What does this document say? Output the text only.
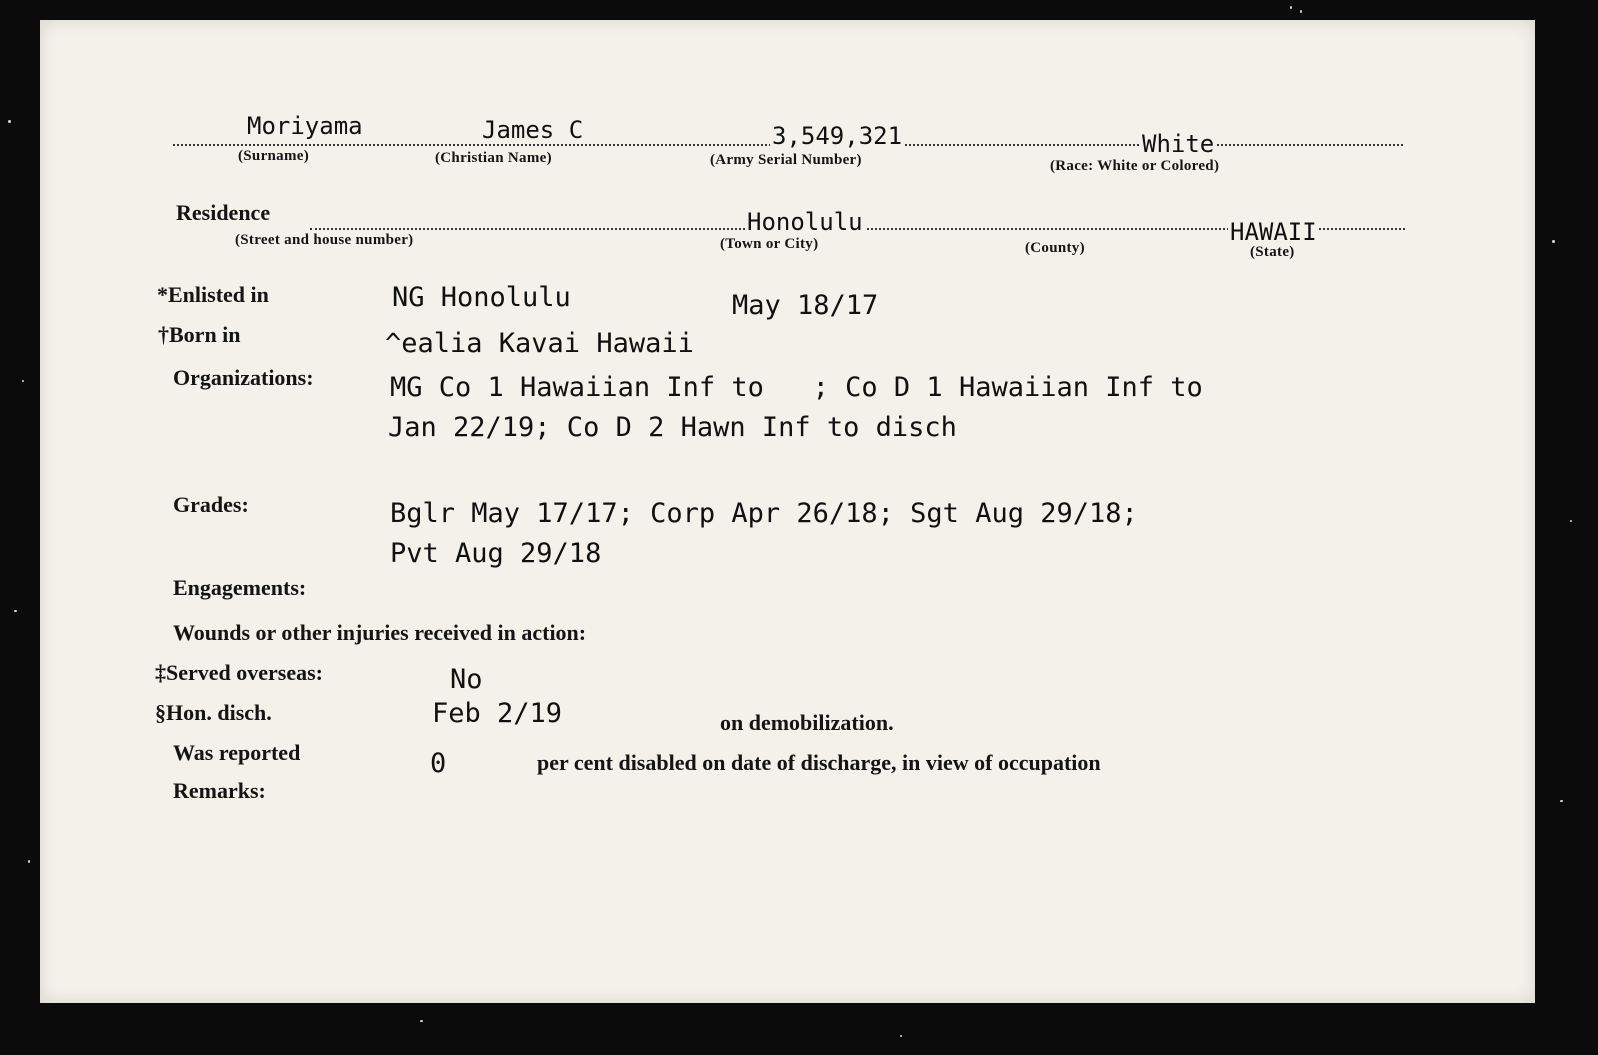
Moriyama	James C	3,549,321	White
(Surname)	(Christian Name)	(Army Serial Number)	(Race: White or Colored)
Residence	Honolulu	HAWAII
(Street and house number)	(Town or City)	(County)	(State)
*Enlisted in	NG Honolulu	May 18/17
†Born in	^ealia Kavai Hawaii
Organizations:	MG Co 1 Hawaiian Inf to   ; Co D 1 Hawaiian Inf to
Jan 22/19; Co D 2 Hawn Inf to disch
Grades:	Bglr May 17/17; Corp Apr 26/18; Sgt Aug 29/18;
Pvt Aug 29/18
Engagements:
Wounds or other injuries received in action:
‡Served overseas:	No
§Hon. disch.	Feb 2/19	on demobilization.
Was reported	0	per cent disabled on date of discharge, in view of occupation
Remarks:
